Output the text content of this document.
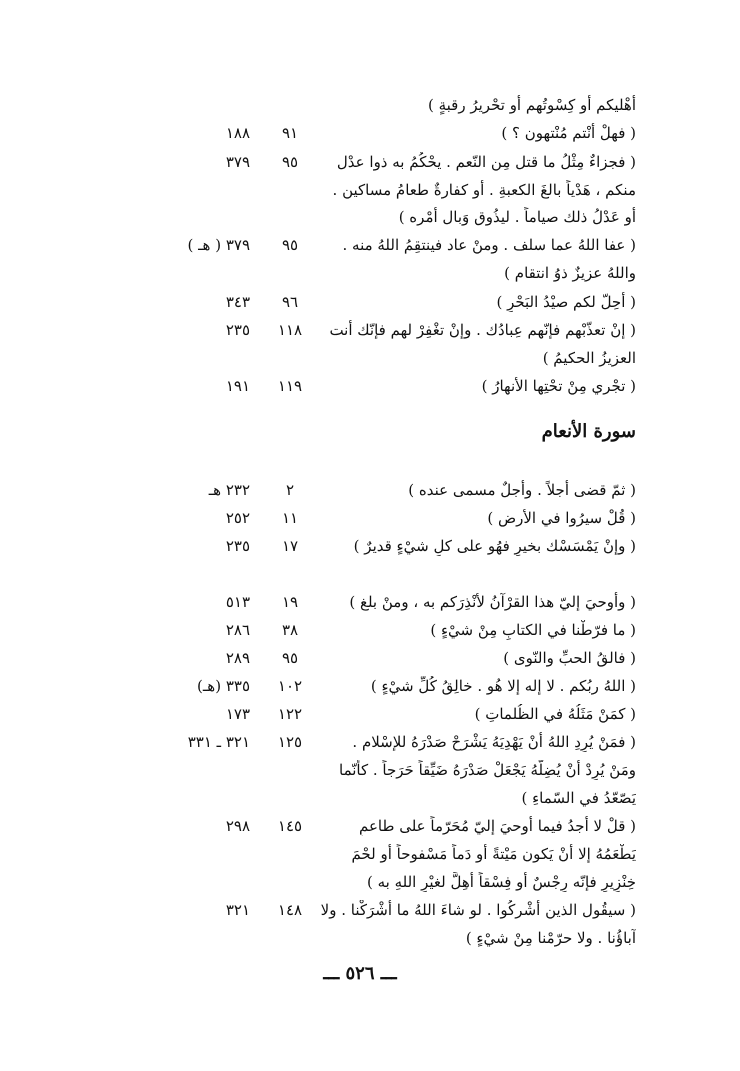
أهْليكم أو كِسْوتُهم أو تحْريرُ رقبةٍ )
( فهلْ أنْتم مُنْتهون ؟ )
٩١
١٨٨
( فجزاءٌ مِثْلُ ما قتل مِن النّعم . يحْكُمُ به ذوا عدْل
٩٥
٣٧٩
منكم ، هَدْياً بالغَ الكعبةِ . أو كفارةٌ طعامُ مساكين .
أو عَدْلُ ذلك صياماً . ليذُوق وَبال أمْره )
( عفا اللهُ عما سلف . ومنْ عاد فينتقِمُ اللهُ منه .
٩٥
٣٧٩ ( هـ )
واللهُ عزيزٌ ذوُ انتقام )
( أحِلّ لكم صيْدُ البَحْرِ )
٩٦
٣٤٣
( إنْ تعذّبْهم فإنّهم عِبادُك . وإنْ تغْفِرْ لهم فإنّك أنت
١١٨
٢٣٥
العزيزُ الحكيمُ )
( تجْري مِنْ تحْتِها الأنهارُ )
١١٩
١٩١
سورة الأنعام
( ثمّ قضى أجلاً . وأجلٌ مسمى عنده )
٢
٢٣٢ هـ
( قُلْ سيرُوا في الأرضِ )
١١
٢٥٢
( وإنْ يَمْسَسْك بخيرٍ فهُو على كلِ شيْءٍ قديرٌ )
١٧
٢٣٥
( وأوحيَ إليّ هذا القرْآنُ لأنْذِرَكم به ، ومنْ بلغ )
١٩
٥١٣
( ما فرّطْنا في الكتابِ مِنْ شيْءٍ )
٣٨
٢٨٦
( فالقُ الحبِّ والنّوى )
٩٥
٢٨٩
( اللهُ ربُكم . لا إله إلا هُو . خالِقُ كُلِّ شيْءٍ )
١٠٢
٣٣٥ (هـ)
( كمَنْ مَثَلُهُ في الظُلماتِ )
١٢٢
١٧٣
( فمَنْ يُرِدِ اللهُ أنْ يَهْدِيَهُ يَشْرَحْ صَدْرَهُ للإسْلام .
١٢٥
٣٢١ ـ ٣٣١
ومَنْ يُرِدْ أنْ يُضِلّهُ يَجْعَلْ صَدْرَهُ ضَيِّقاً حَرَجاً . كأنّما
يَصّعّدُ في السّماءِ )
( قلْ لا أجدُ فيما أوحيَ إليّ مُحَرّماً على طاعمٍ
١٤٥
٢٩٨
يَطْعَمُهُ إلا أنْ يَكون مَيْتةً أو دَماً مَسْفوحاً أو لحْمَ
خِنْزِيرٍ فإنّه رِجْسٌ أو فِسْقاً أُهِلَّ لغيْرِ اللهِ به )
( سيقُول الذين أشْركُوا . لو شاءَ اللهُ ما أشْرَكْنا . ولا
١٤٨
٣٢١
آباؤُنا . ولا حرّمْنا مِنْ شيْءٍ )
ـــ ٥٢٦ ـــ
